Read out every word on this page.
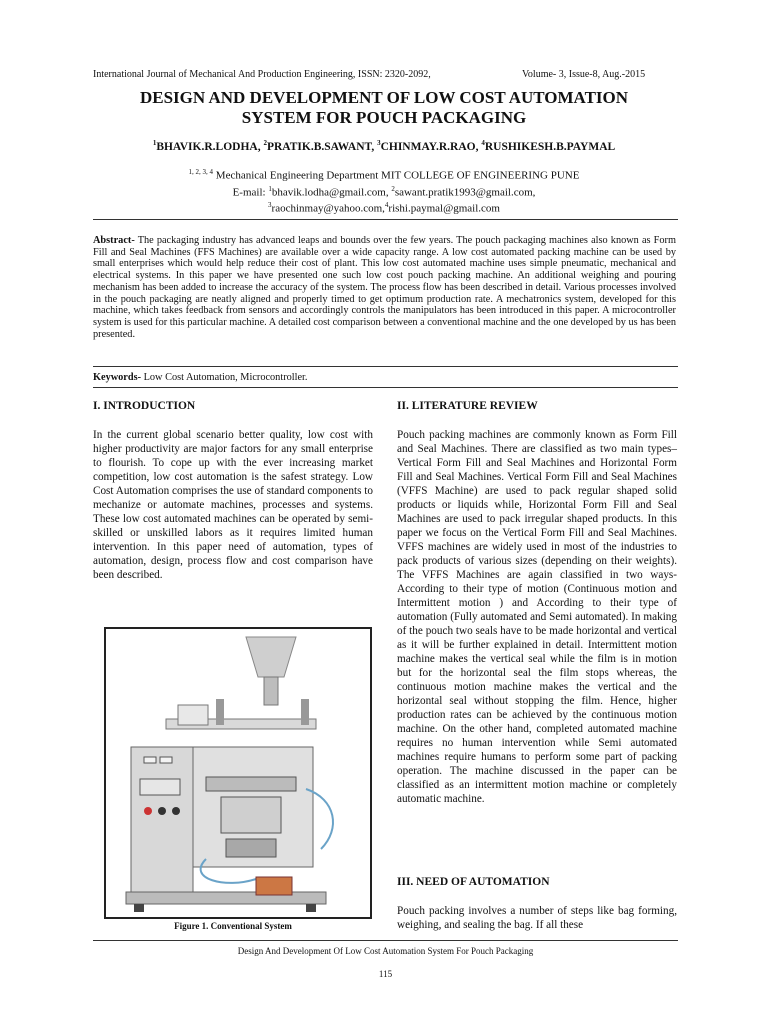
International Journal of Mechanical And Production Engineering, ISSN: 2320-2092,	Volume- 3, Issue-8, Aug.-2015
DESIGN AND DEVELOPMENT OF LOW COST AUTOMATION
SYSTEM FOR POUCH PACKAGING
$^1$BHAVIK.R.LODHA, $^2$PRATIK.B.SAWANT, $^3$CHINMAY.R.RAO, $^4$RUSHIKESH.B.PAYMAL
$^{1, 2, 3, 4}$ Mechanical Engineering Department MIT COLLEGE OF ENGINEERING PUNE
E-mail: $^1$bhavik.lodha@gmail.com, $^2$sawant.pratik1993@gmail.com,
$^3$raochinmay@yahoo.com,$^4$rishi.paymal@gmail.com
Abstract- The packaging industry has advanced leaps and bounds over the few years. The pouch packaging machines also known as Form Fill and Seal Machines (FFS Machines) are available over a wide capacity range. A low cost automated packing machine can be used by small enterprises which would help reduce their cost of plant. This low cost automated machine uses simple pneumatic, mechanical and electrical systems. In this paper we have presented one such low cost pouch packing machine. An additional weighing and pouring mechanism has been added to increase the accuracy of the system. The process flow has been described in detail. Various processes involved in the pouch packaging are neatly aligned and properly timed to get optimum production rate. A mechatronics system, developed for this machine, which takes feedback from sensors and accordingly controls the manipulators has been introduced in this paper. A microcontroller system is used for this particular machine. A detailed cost comparison between a conventional machine and the one developed by us has been presented.
Keywords- Low Cost Automation, Microcontroller.
I. INTRODUCTION
In the current global scenario better quality, low cost with higher productivity are major factors for any small enterprise to flourish. To cope up with the ever increasing market competition, low cost automation is the safest strategy. Low Cost Automation comprises the use of standard components to mechanize or automate machines, processes and systems. These low cost automated machines can be operated by semi-skilled or unskilled labors as it requires limited human intervention. In this paper need of automation, types of automation, design, process flow and cost comparison have been described.
Figure 1. Conventional System
II. LITERATURE REVIEW
Pouch packing machines are commonly known as Form Fill and Seal Machines. There are classified as two main types– Vertical Form Fill and Seal Machines and Horizontal Form Fill and Seal Machines. Vertical Form Fill and Seal Machines (VFFS Machine) are used to pack regular shaped solid products or liquids while, Horizontal Form Fill and Seal Machines are used to pack irregular shaped products. In this paper we focus on the Vertical Form Fill and Seal Machines. VFFS machines are widely used in most of the industries to pack products of various sizes (depending on their weights). The VFFS Machines are again classified in two ways- According to their type of motion (Continuous motion and Intermittent motion ) and According to their type of automation (Fully automated and Semi automated). In making of the pouch two seals have to be made horizontal and vertical as it will be further explained in detail. Intermittent motion machine makes the vertical seal while the film is in motion but for the horizontal seal the film stops whereas, the continuous motion machine makes the vertical and the horizontal seal without stopping the film. Hence, higher production rates can be achieved by the continuous motion machine. On the other hand, completed automated machine requires no human intervention while Semi automated machines require humans to perform some part of packing operation. The machine discussed in the paper can be classified as an intermittent motion machine or completely automatic machine.
III. NEED OF AUTOMATION
Pouch packing involves a number of steps like bag forming, weighing, and sealing the bag. If all these
Design And Development Of Low Cost Automation System For Pouch Packaging
115
